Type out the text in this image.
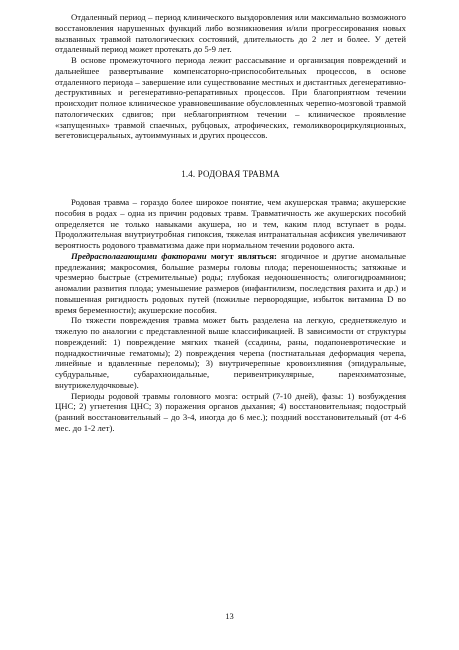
Отдаленный период – период клинического выздоровления или максимально возможного восстановления нарушенных функций либо возникновения и/или прогрессирования новых вызванных травмой патологических состояний, длительность до 2 лет и более. У детей отдаленный период может протекать до 5-9 лет.

В основе промежуточного периода лежит рассасывание и организация повреждений и дальнейшее развертывание компенсаторно-приспособительных процессов, в основе отдаленного периода – завершение или существование местных и дистантных дегенеративно-деструктивных и регенеративно-репаративных процессов. При благоприятном течении происходит полное клиническое уравновешивание обусловленных черепно-мозговой травмой патологических сдвигов; при неблагоприятном течении – клиническое проявление «запущенных» травмой спаечных, рубцовых, атрофических, гемоликвороциркуляционных, вегетовисцеральных, аутоиммунных и других процессов.

1.4. РОДОВАЯ ТРАВМА

Родовая травма – гораздо более широкое понятие, чем акушерская травма; акушерские пособия в родах – одна из причин родовых травм. Травматичность же акушерских пособий определяется не только навыками акушера, но и тем, каким плод вступает в роды. Продолжительная внутриутробная гипоксия, тяжелая интранатальная асфиксия увеличивают вероятность родового травматизма даже при нормальном течении родового акта.

Предрасполагающими факторами могут являться: ягодичное и другие аномальные предлежания; макросомия, большие размеры головы плода; переношенность; затяжные и чрезмерно быстрые (стремительные) роды; глубокая недоношенность; олигогидроамнион; аномалии развития плода; уменьшение размеров (инфантилизм, последствия рахита и др.) и повышенная ригидность родовых путей (пожилые первородящие, избыток витамина D во время беременности); акушерские пособия.

По тяжести повреждения травма может быть разделена на легкую, среднетяжелую и тяжелую по аналогии с представленной выше классификацией. В зависимости от структуры повреждений: 1) повреждение мягких тканей (ссадины, раны, подапоневротические и поднадкостничные гематомы); 2) повреждения черепа (постнатальная деформация черепа, линейные и вдавленные переломы); 3) внутричерепные кровоизлияния (эпидуральные, субдуральные, субарахноидальные, перивентрикулярные, паренхиматозные, внутрижелудочковые).

Периоды родовой травмы головного мозга: острый (7-10 дней), фазы: 1) возбуждения ЦНС; 2) угнетения ЦНС; 3) поражения органов дыхания; 4) восстановительная; подострый (ранний восстановительный – до 3-4, иногда до 6 мес.); поздний восстановительный (от 4-6 мес. до 1-2 лет).

13
